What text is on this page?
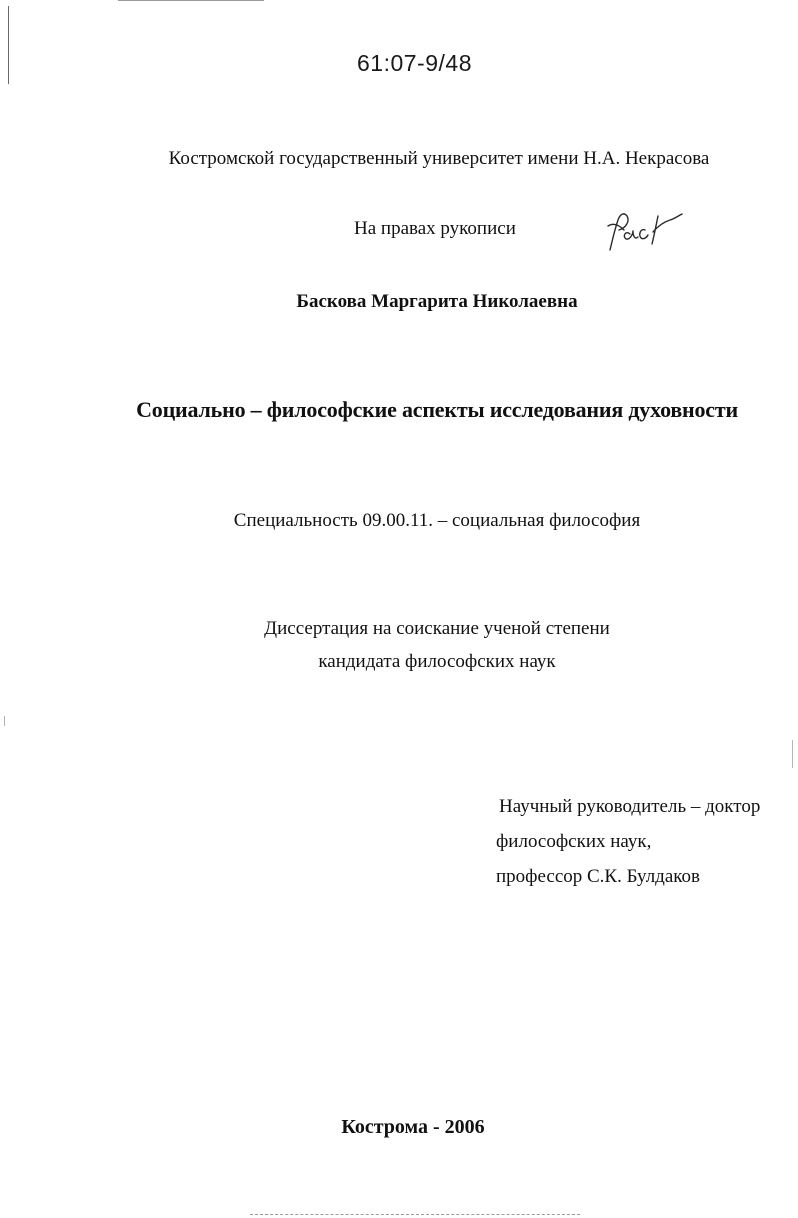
61:07-9/48
Костромской государственный университет имени Н.А. Некрасова
На правах рукописи
Баскова Маргарита Николаевна
Социально – философские аспекты исследования духовности
Специальность 09.00.11. – социальная философия
Диссертация на соискание ученой степени
кандидата философских наук
Научный руководитель – доктор
философских наук,
профессор С.К. Булдаков
Кострома - 2006
